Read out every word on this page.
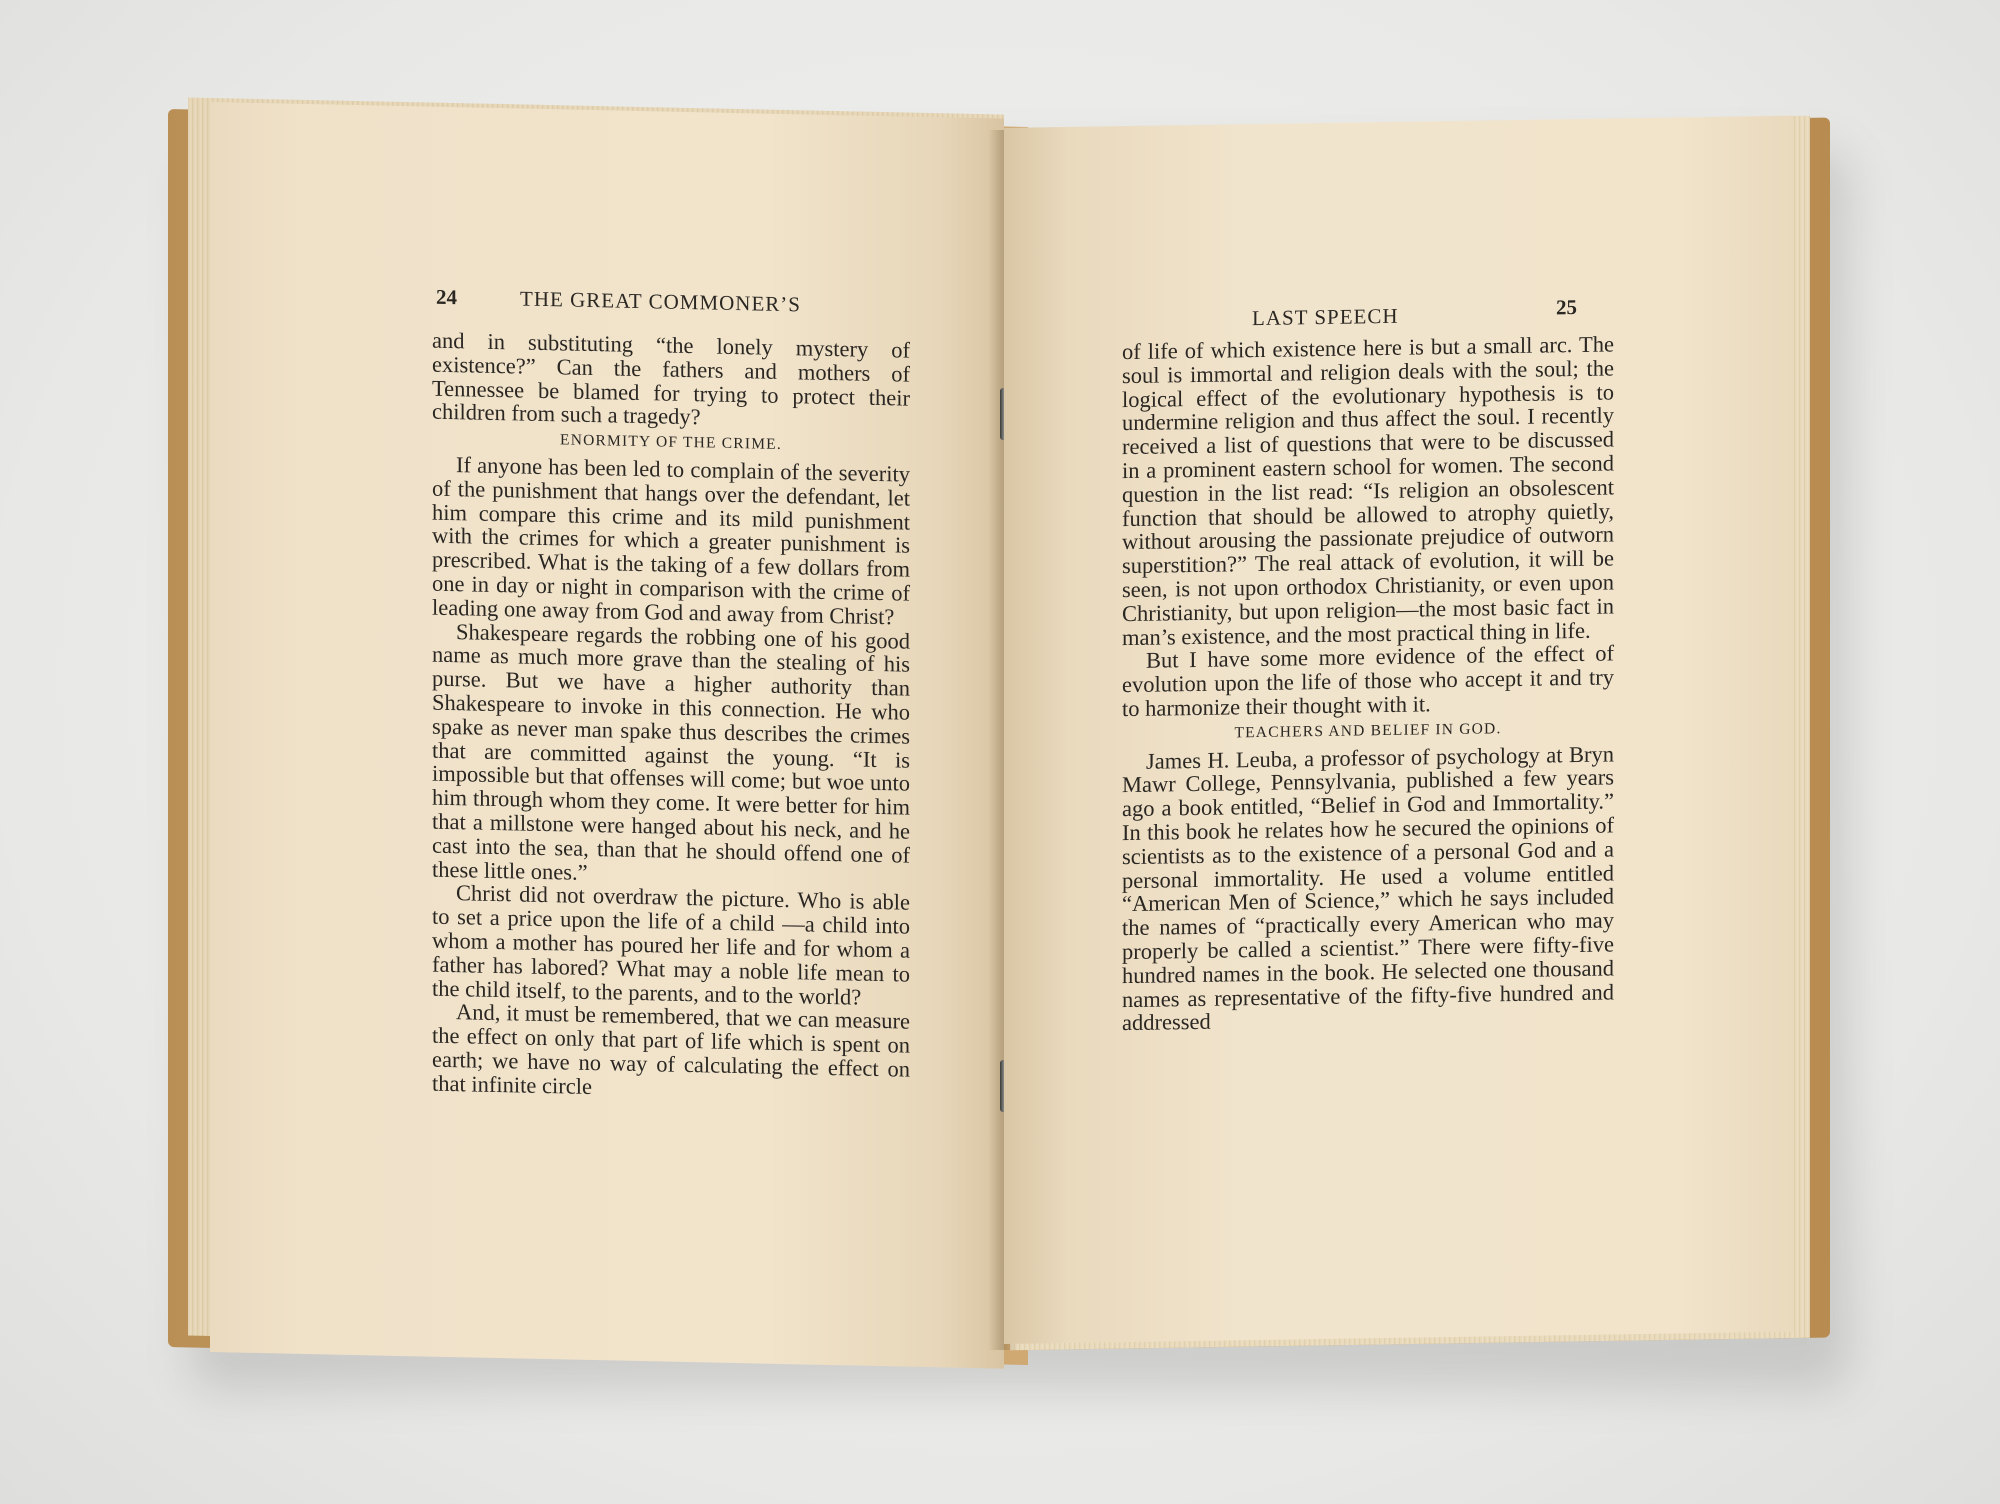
24	THE GREAT COMMONER’S

and in substituting “the lonely mystery of existence?” Can the fathers and mothers of Tennessee be blamed for trying to protect their children from such a tragedy?

ENORMITY OF THE CRIME.

If anyone has been led to complain of the severity of the punishment that hangs over the defendant, let him compare this crime and its mild punishment with the crimes for which a greater punishment is prescribed. What is the taking of a few dollars from one in day or night in comparison with the crime of leading one away from God and away from Christ?

Shakespeare regards the robbing one of his good name as much more grave than the stealing of his purse. But we have a higher authority than Shakespeare to invoke in this connection. He who spake as never man spake thus describes the crimes that are committed against the young. “It is impossible but that offenses will come; but woe unto him through whom they come. It were better for him that a millstone were hanged about his neck, and he cast into the sea, than that he should offend one of these little ones.”

Christ did not overdraw the picture. Who is able to set a price upon the life of a child —a child into whom a mother has poured her life and for whom a father has labored? What may a noble life mean to the child itself, to the parents, and to the world?

And, it must be remembered, that we can measure the effect on only that part of life which is spent on earth; we have no way of calculating the effect on that infinite circle

LAST SPEECH	25

of life of which existence here is but a small arc. The soul is immortal and religion deals with the soul; the logical effect of the evolutionary hypothesis is to undermine religion and thus affect the soul. I recently received a list of questions that were to be discussed in a prominent eastern school for women. The second question in the list read: “Is religion an obsolescent function that should be allowed to atrophy quietly, without arousing the passionate prejudice of outworn superstition?” The real attack of evolution, it will be seen, is not upon orthodox Christianity, or even upon Christianity, but upon religion—the most basic fact in man’s existence, and the most practical thing in life.

But I have some more evidence of the effect of evolution upon the life of those who accept it and try to harmonize their thought with it.

TEACHERS AND BELIEF IN GOD.

James H. Leuba, a professor of psychology at Bryn Mawr College, Pennsylvania, published a few years ago a book entitled, “Belief in God and Immortality.” In this book he relates how he secured the opinions of scientists as to the existence of a personal God and a personal immortality. He used a volume entitled “American Men of Science,” which he says included the names of “practically every American who may properly be called a scientist.” There were fifty-five hundred names in the book. He selected one thousand names as representative of the fifty-five hundred and addressed
